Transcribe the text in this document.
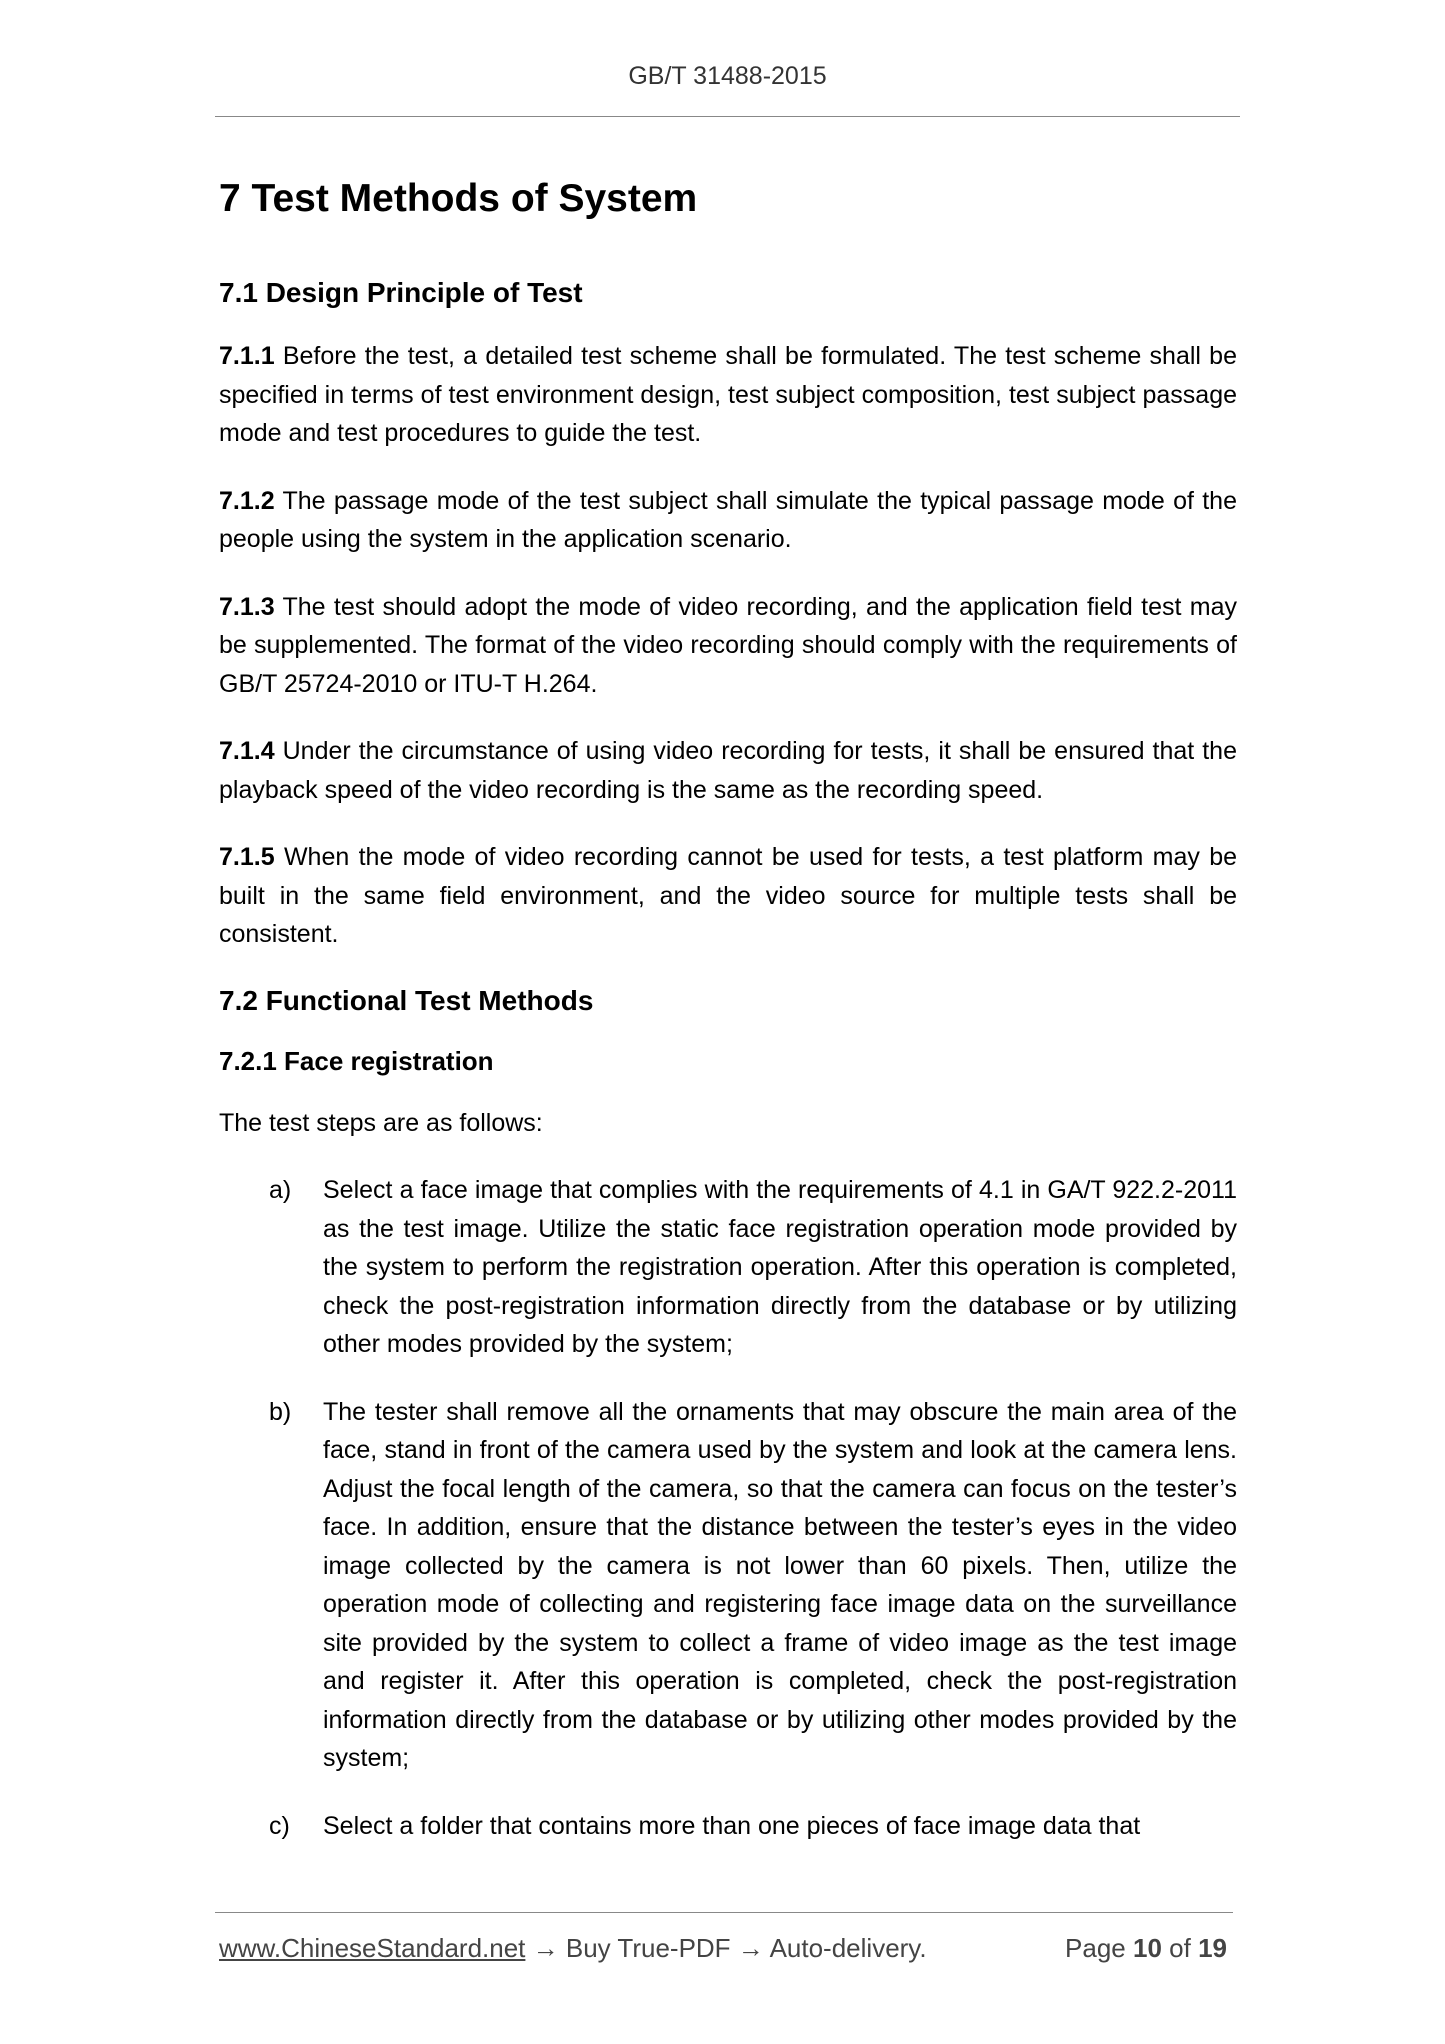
GB/T 31488-2015
7 Test Methods of System
7.1 Design Principle of Test

7.1.1 Before the test, a detailed test scheme shall be formulated. The test scheme shall be specified in terms of test environment design, test subject composition, test subject passage mode and test procedures to guide the test.

7.1.2 The passage mode of the test subject shall simulate the typical passage mode of the people using the system in the application scenario.

7.1.3 The test should adopt the mode of video recording, and the application field test may be supplemented. The format of the video recording should comply with the requirements of GB/T 25724-2010 or ITU-T H.264.

7.1.4 Under the circumstance of using video recording for tests, it shall be ensured that the playback speed of the video recording is the same as the recording speed.

7.1.5 When the mode of video recording cannot be used for tests, a test platform may be built in the same field environment, and the video source for multiple tests shall be consistent.

7.2 Functional Test Methods
7.2.1 Face registration

The test steps are as follows:

a) Select a face image that complies with the requirements of 4.1 in GA/T 922.2-2011 as the test image. Utilize the static face registration operation mode provided by the system to perform the registration operation. After this operation is completed, check the post-registration information directly from the database or by utilizing other modes provided by the system;
b) The tester shall remove all the ornaments that may obscure the main area of the face, stand in front of the camera used by the system and look at the camera lens. Adjust the focal length of the camera, so that the camera can focus on the tester’s face. In addition, ensure that the distance between the tester’s eyes in the video image collected by the camera is not lower than 60 pixels. Then, utilize the operation mode of collecting and registering face image data on the surveillance site provided by the system to collect a frame of video image as the test image and register it. After this operation is completed, check the post-registration information directly from the database or by utilizing other modes provided by the system;
c) Select a folder that contains more than one pieces of face image data that
www.ChineseStandard.net → Buy True-PDF → Auto-delivery.	Page 10 of 19
